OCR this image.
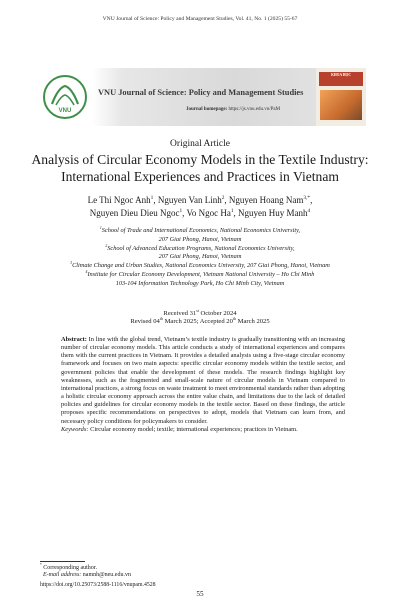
VNU Journal of Science: Policy and Management Studies, Vol. 41, No. 1 (2025) 55-67
VNU
VNU Journal of Science: Policy and Management Studies
Journal homepage: https://js.vnu.edu.vn/PaM
KHOA HỌC
Original Article
Analysis of Circular Economy Models in the Textile Industry:
International Experiences and Practices in Vietnam
Le Thi Ngoc Anh$^1$, Nguyen Van Linh$^2$, Nguyen Hoang Nam$^{3,*}$,
Nguyen Dieu Dieu Ngoc$^1$, Vo Ngoc Ha$^1$, Nguyen Huy Manh$^4$
$^1$School of Trade and International Economics, National Economics University,
207 Giai Phong, Hanoi, Vietnam
$^2$School of Advanced Education Programs, National Economics University,
207 Giai Phong, Hanoi, Vietnam
$^3$Climate Change and Urban Studies, National Economics University, 207 Giai Phong, Hanoi, Vietnam
$^4$Institute for Circular Economy Development, Vietnam National University – Ho Chi Minh
103-104 Information Technology Park, Ho Chi Minh City, Vietnam
Received 31st October 2024
Revised 04th March 2025; Accepted 20th March 2025
Abstract: In line with the global trend, Vietnam’s textile industry is gradually transitioning with an increasing number of circular economy models. This article conducts a study of international experiences and compares them with the current practices in Vietnam. It provides a detailed analysis using a five-stage circular economy framework and focuses on two main aspects: specific circular economy models within the textile sector, and government policies that enable the development of these models. The research findings highlight key weaknesses, such as the fragmented and small-scale nature of circular models in Vietnam compared to international practices, a strong focus on waste treatment to meet environmental standards rather than adopting a holistic circular economy approach across the entire value chain, and limitations due to the lack of detailed policies and guidelines for circular economy models in the textile sector. Based on these findings, the article proposes specific recommendations on perspectives to adopt, models that Vietnam can learn from, and necessary policy conditions for policymakers to consider.
Keywords: Circular economy model; textile; international experiences; practices in Vietnam.
* Corresponding author.
E-mail address: namnh@neu.edu.vn
https://doi.org/10.25073/2588-1116/vnupam.4528
55
